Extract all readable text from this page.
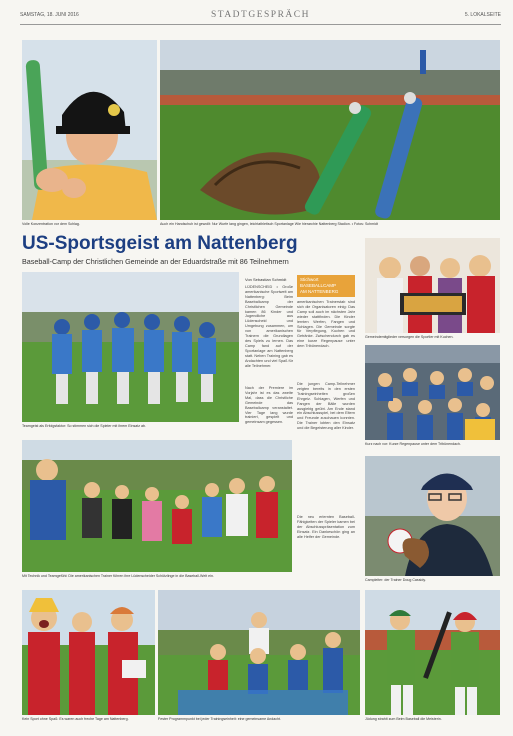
SAMSTAG, 18. JUNI 2016	STADTGESPRÄCH	5. LOKALSEITE
Volle Konzentration vor dem Schlag.	Auch ein Handschuh ist gewollt: Nur Wurfe lang gingen, leichtathletisch Sportanlage Wie hierarchie Nattenberg Stadion. • Fotos: Schmidt
US-Sportsgeist am Nattenberg
Baseball-Camp der Christlichen Gemeinde an der Eduardstraße mit 86 Teilnehmern
Teamgeist als Erfolgsfaktor: So stimmen sich die Spieler mit ihrem Einsatz ab.
Von Sebastian Schmidt
LÜDENSCHEID • Große amerikanische Sportwelt am Nattenberg: Beim Baseballcamp der Christlichen Gemeinde kamen 86 Kinder und Jugendliche aus Lüdenscheid und Umgebung zusammen, um von amerikanischen Trainern die Grundlagen des Spiels zu lernen. Das Camp fand auf der Sportanlage am Nattenberg statt. Neben Training gab es Andachten und viel Spaß für alle Teilnehmer.
Nach der Premiere im Vorjahr ist es das zweite Mal, dass die Christliche Gemeinde das Baseballcamp veranstaltet. Vier Tage lang wurde trainiert, gespielt und gemeinsam gegessen.
Stichwort
BASEBALLCAMP
AM NATTENBERG
amerikanischen Trainerstab sind sich die Organisatoren einig: Das Camp soll auch im nächsten Jahr wieder stattfinden. Die Kinder lernten Werfen, Fangen und Schlagen. Die Gemeinde sorgte für Verpflegung, Kuchen und Getränke. Zwischendurch gab es eine kurze Regenpause unter dem Tribünendach.
Die jungen Camp-Teilnehmer zeigten bereits in den ersten Trainingseinheiten großen Ehrgeiz. Schlagen, Werfen und Fangen der Bälle wurden ausgiebig geübt. Am Ende stand ein Abschlussspiel, bei dem Eltern und Freunde zuschauen konnten. Die Trainer lobten den Einsatz und die Begeisterung aller Kinder.
Die neu erlernten Baseball-Fähigkeiten der Spieler kamen bei der Abschlusspräsentation zum Einsatz. Ein Dankeschön ging an alle Helfer der Gemeinde.
Gemeindemitglieder versorgen die Sportler mit Kuchen.
Kurz nach vor: Kurze Regenpause unter dem Tribünendach.
Mit Technik und Teamgefühl: Die amerikanischen Trainer führen ihre Lüdenscheider Schützlinge in die Baseball-Welt ein.
Campleiter: der Trainer Doug Cassidy.
Kein Sport ohne Spaß: Es waren auch freche Tage am Nattenberg.	Fester Programmpunkt bei jeder Trainingseinheit: eine gemeinsame Andacht.	Jüdung strahlt zum Beim Baseball die Meisterin.
